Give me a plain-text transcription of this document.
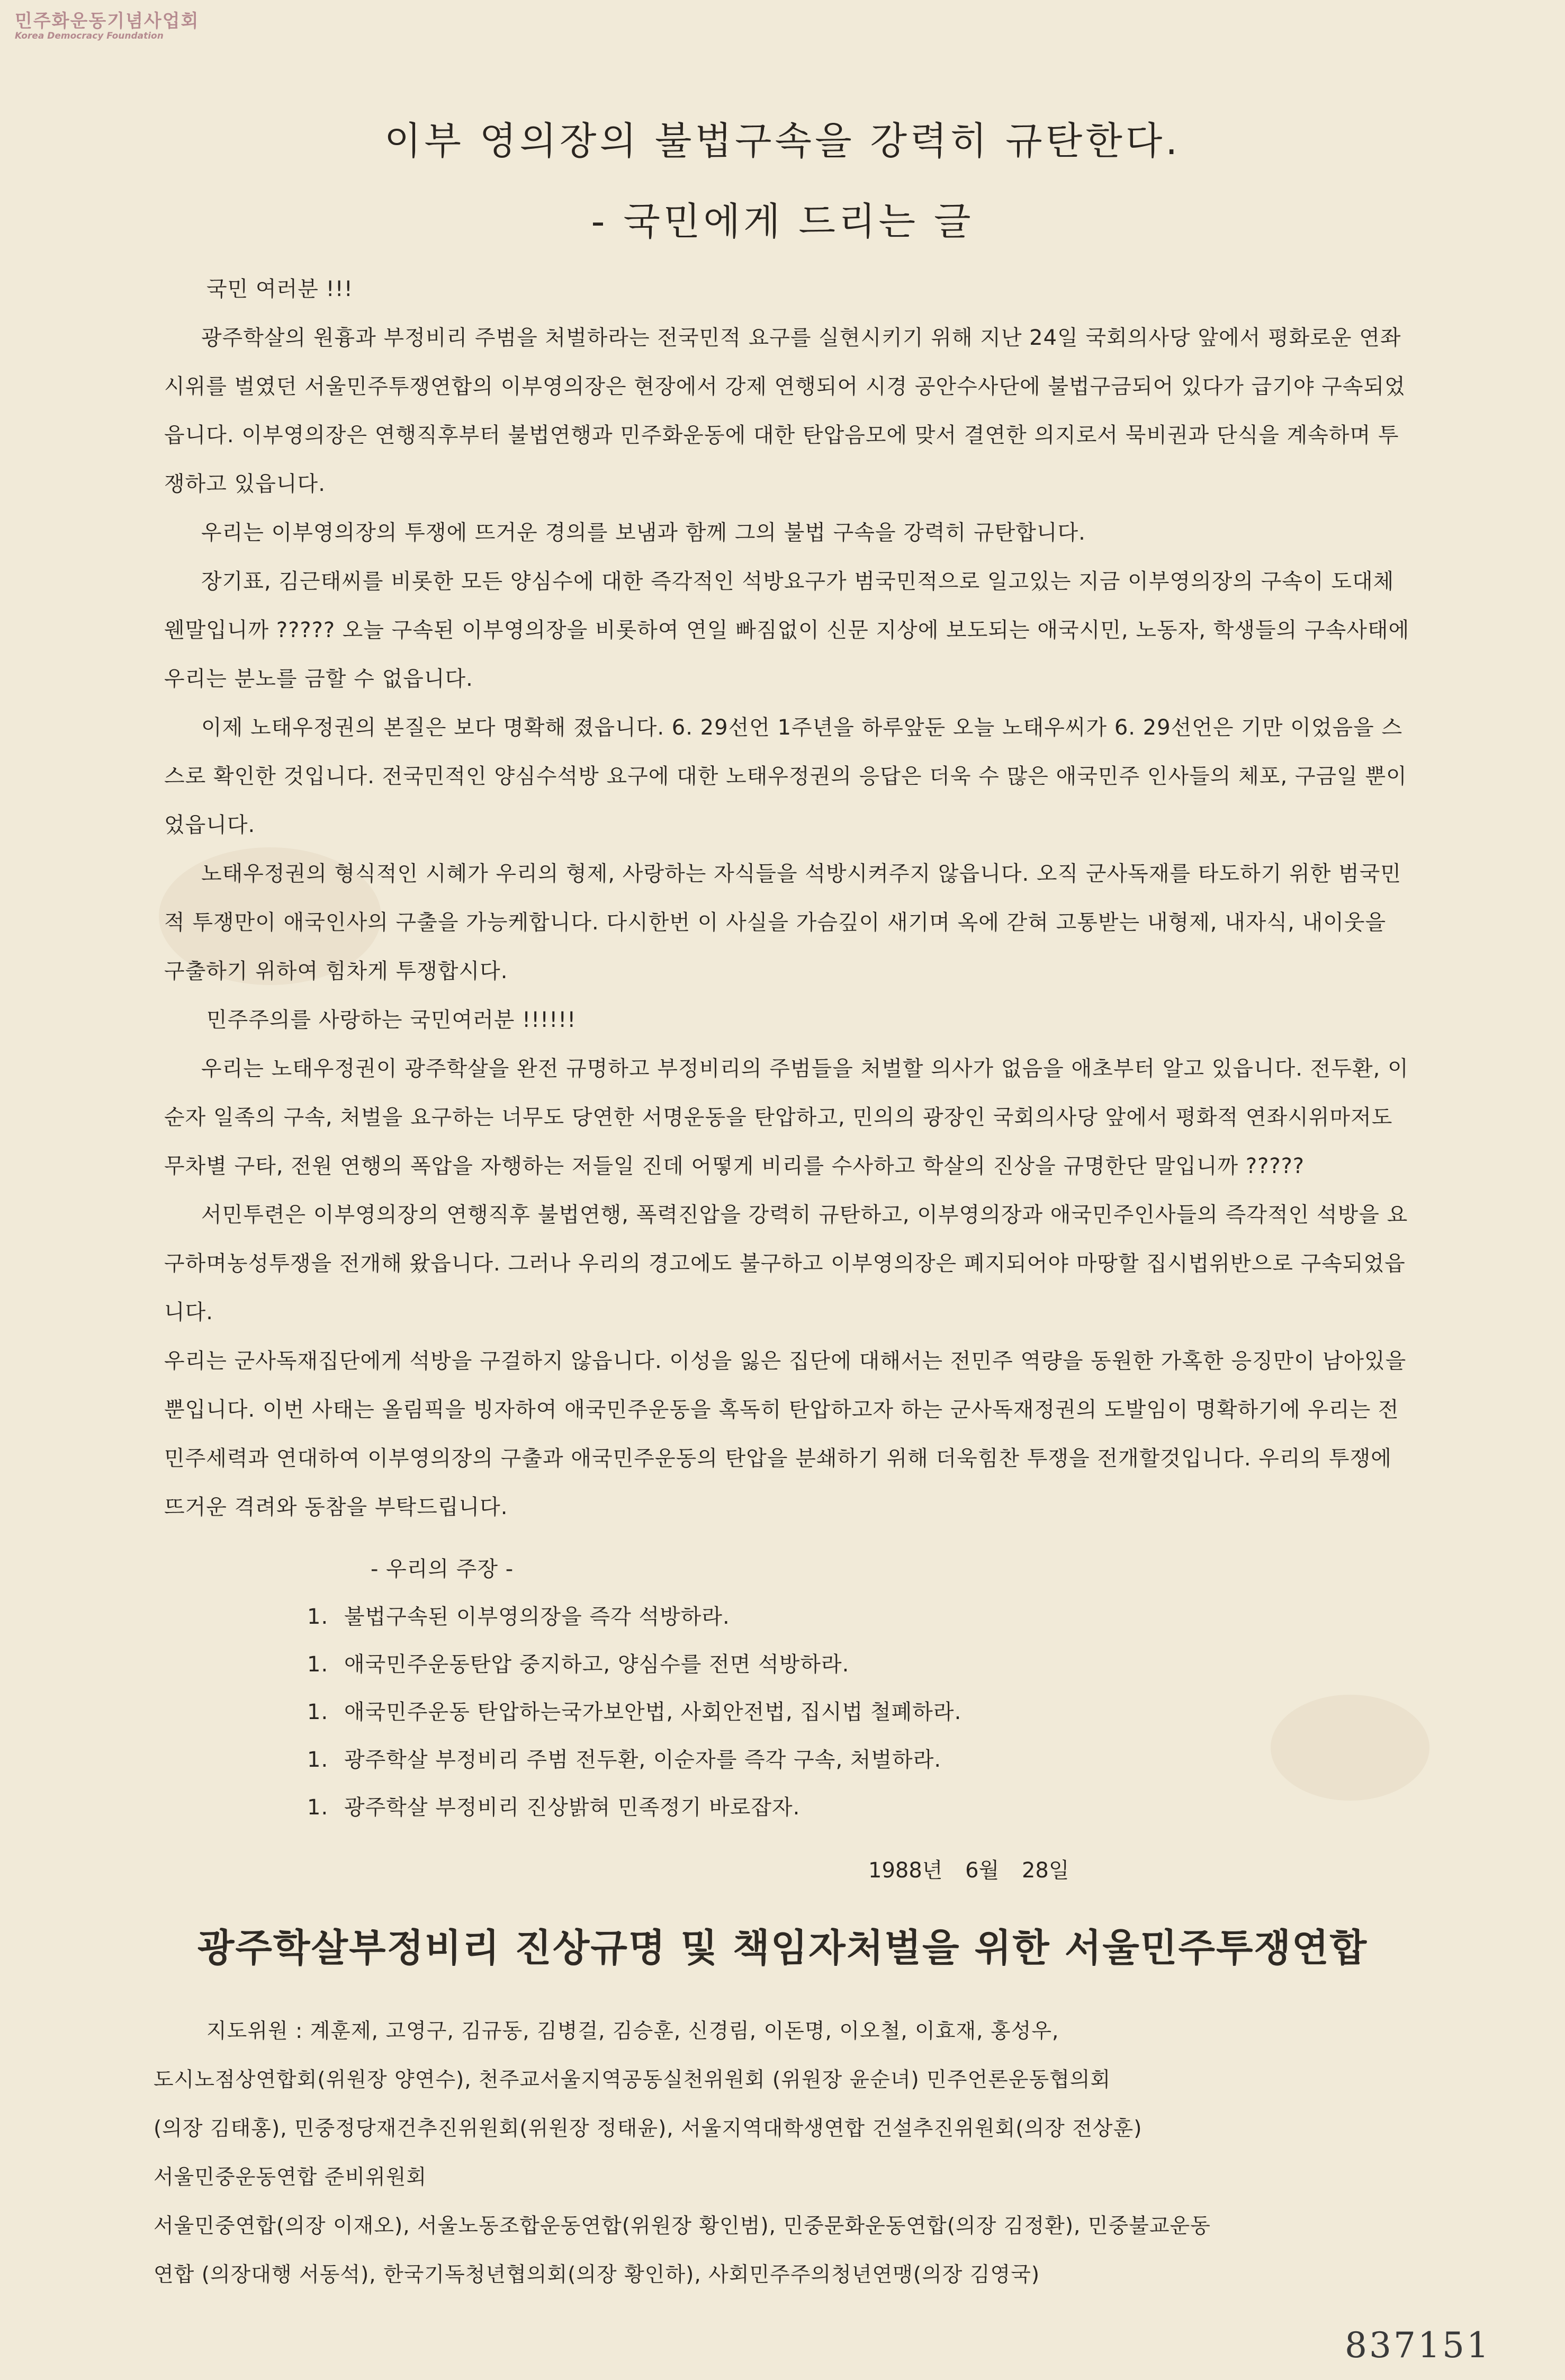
민주화운동기념사업회
Korea Democracy Foundation
이부 영의장의 불법구속을 강력히 규탄한다.
- 국민에게 드리는 글

국민 여러분 !!!

광주학살의 원흉과 부정비리 주범을 처벌하라는 전국민적 요구를 실현시키기 위해 지난 24일 국회의사당 앞에서 평화로운 연좌시위를 벌였던 서울민주투쟁연합의 이부영의장은 현장에서 강제 연행되어 시경 공안수사단에 불법구금되어 있다가 급기야 구속되었읍니다. 이부영의장은 연행직후부터 불법연행과 민주화운동에 대한 탄압음모에 맞서 결연한 의지로서 묵비권과 단식을 계속하며 투쟁하고 있읍니다.

우리는 이부영의장의 투쟁에 뜨거운 경의를 보냄과 함께 그의 불법 구속을 강력히 규탄합니다.

장기표, 김근태씨를 비롯한 모든 양심수에 대한 즉각적인 석방요구가 범국민적으로 일고있는 지금 이부영의장의 구속이 도대체 웬말입니까 ????? 오늘 구속된 이부영의장을 비롯하여 연일 빠짐없이 신문 지상에 보도되는 애국시민, 노동자, 학생들의 구속사태에 우리는 분노를 금할 수 없읍니다.

이제 노태우정권의 본질은 보다 명확해 졌읍니다. 6. 29선언 1주년을 하루앞둔 오늘 노태우씨가 6. 29선언은 기만 이었음을 스스로 확인한 것입니다. 전국민적인 양심수석방 요구에 대한 노태우정권의 응답은 더욱 수 많은 애국민주 인사들의 체포, 구금일 뿐이었읍니다.

노태우정권의 형식적인 시혜가 우리의 형제, 사랑하는 자식들을 석방시켜주지 않읍니다. 오직 군사독재를 타도하기 위한 범국민적 투쟁만이 애국인사의 구출을 가능케합니다. 다시한번 이 사실을 가슴깊이 새기며 옥에 갇혀 고통받는 내형제, 내자식, 내이웃을 구출하기 위하여 힘차게 투쟁합시다.

민주주의를 사랑하는 국민여러분 !!!!!!

우리는 노태우정권이 광주학살을 완전 규명하고 부정비리의 주범들을 처벌할 의사가 없음을 애초부터 알고 있읍니다. 전두환, 이순자 일족의 구속, 처벌을 요구하는 너무도 당연한 서명운동을 탄압하고, 민의의 광장인 국회의사당 앞에서 평화적 연좌시위마저도 무차별 구타, 전원 연행의 폭압을 자행하는 저들일 진데 어떻게 비리를 수사하고 학살의 진상을 규명한단 말입니까 ?????

서민투련은 이부영의장의 연행직후 불법연행, 폭력진압을 강력히 규탄하고, 이부영의장과 애국민주인사들의 즉각적인 석방을 요구하며농성투쟁을 전개해 왔읍니다. 그러나 우리의 경고에도 불구하고 이부영의장은 폐지되어야 마땅할 집시법위반으로 구속되었읍니다.

우리는 군사독재집단에게 석방을 구걸하지 않읍니다. 이성을 잃은 집단에 대해서는 전민주 역량을 동원한 가혹한 응징만이 남아있을뿐입니다. 이번 사태는 올림픽을 빙자하여 애국민주운동을 혹독히 탄압하고자 하는 군사독재정권의 도발임이 명확하기에 우리는 전민주세력과 연대하여 이부영의장의 구출과 애국민주운동의 탄압을 분쇄하기 위해 더욱힘찬 투쟁을 전개할것입니다. 우리의 투쟁에 뜨거운 격려와 동참을 부탁드립니다.

- 우리의 주장 -
1. 불법구속된 이부영의장을 즉각 석방하라.
1. 애국민주운동탄압 중지하고, 양심수를 전면 석방하라.
1. 애국민주운동 탄압하는국가보안법, 사회안전법, 집시법 철폐하라.
1. 광주학살 부정비리 주범 전두환, 이순자를 즉각 구속, 처벌하라.
1. 광주학살 부정비리 진상밝혀 민족정기 바로잡자.
1988년 6월 28일
광주학살부정비리 진상규명 및 책임자처벌을 위한 서울민주투쟁연합

지도위원 : 계훈제, 고영구, 김규동, 김병걸, 김승훈, 신경림, 이돈명, 이오철, 이효재, 홍성우,

도시노점상연합회(위원장 양연수), 천주교서울지역공동실천위원회 (위원장 윤순녀) 민주언론운동협의회

(의장 김태홍), 민중정당재건추진위원회(위원장 정태윤), 서울지역대학생연합 건설추진위원회(의장 전상훈)

서울민중운동연합 준비위원회

서울민중연합(의장 이재오), 서울노동조합운동연합(위원장 황인범), 민중문화운동연합(의장 김정환), 민중불교운동

연합 (의장대행 서동석), 한국기독청년협의회(의장 황인하), 사회민주주의청년연맹(의장 김영국)

837151
